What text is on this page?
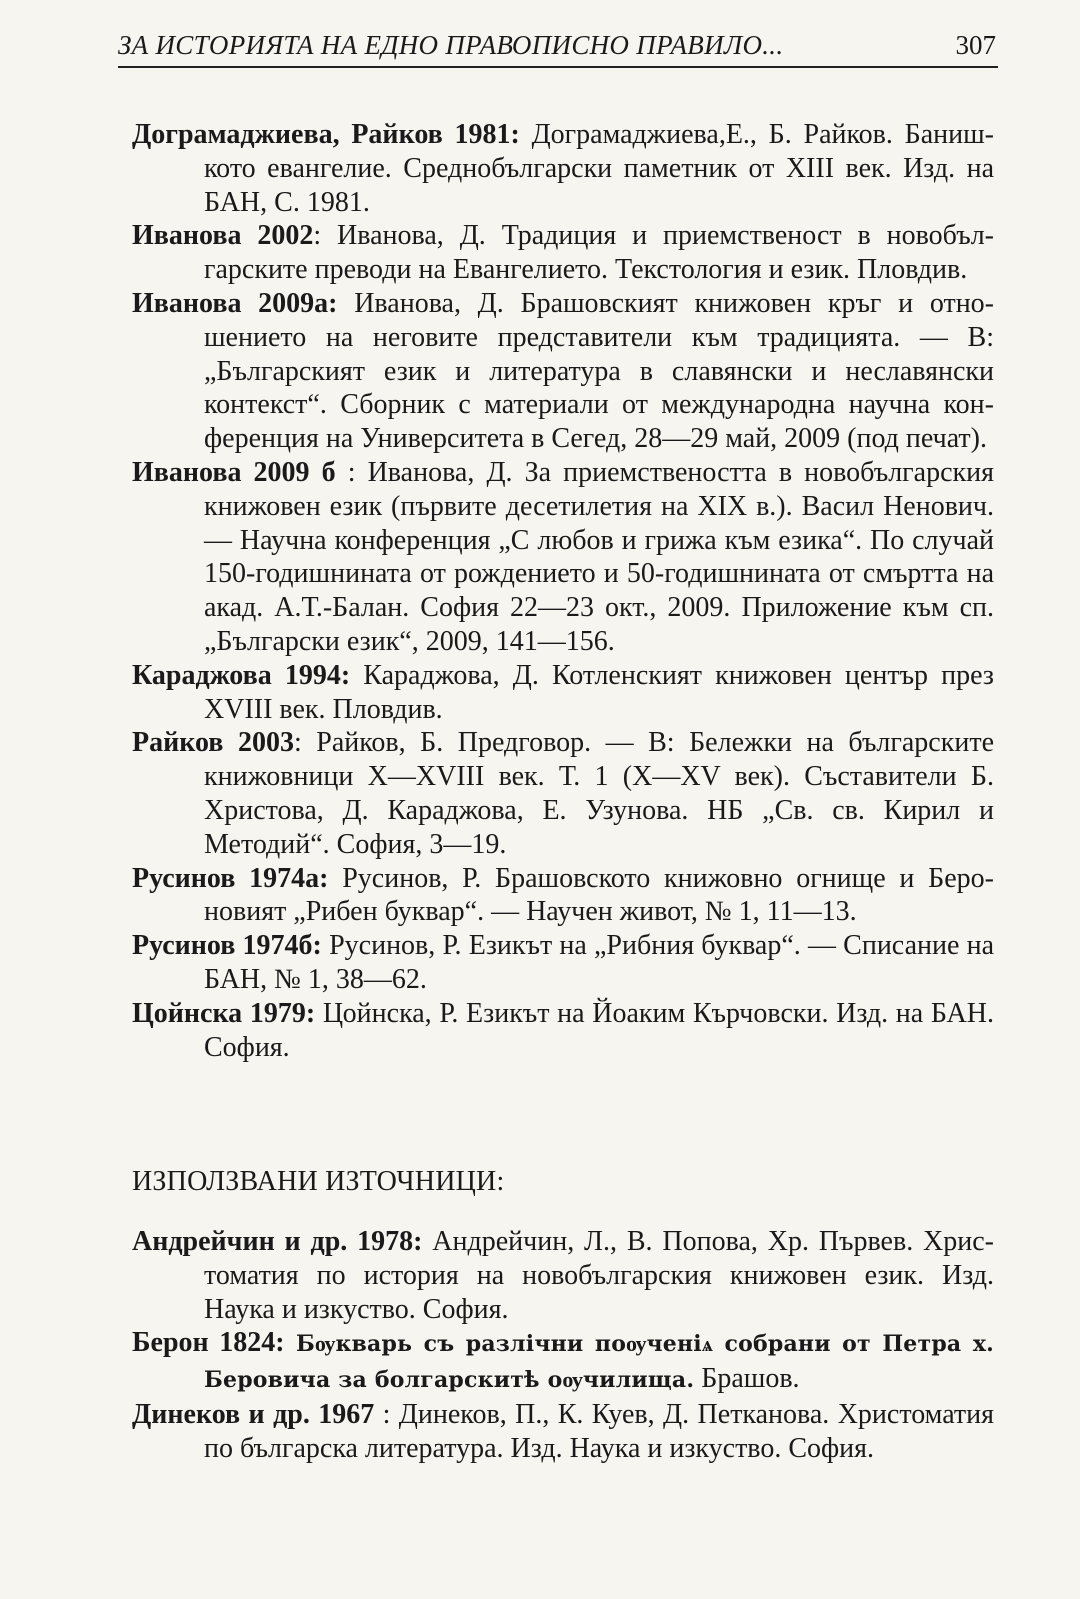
ЗА ИСТОРИЯТА НА ЕДНО ПРАВОПИСНО ПРАВИЛО...	307

Дограмаджиева, Райков 1981: Дограмаджиева,Е., Б. Райков. Банишкото евангелие. Среднобългарски паметник от XIII век. Изд. на БАН, С. 1981.

Иванова 2002: Иванова, Д. Традиция и приемственост в новобългарските преводи на Евангелието. Текстология и език. Пловдив.

Иванова 2009а: Иванова, Д. Брашовският книжовен кръг и отношението на неговите представители към традицията. — В: „Българският език и литература в славянски и неславянски контекст“. Сборник с материали от международна научна конференция на Университета в Сегед, 28—29 май, 2009 (под печат).

Иванова 2009 б : Иванова, Д. За приемствеността в новобългарския книжовен език (първите десетилетия на XIX в.). Васил Ненович. — Научна конференция „С любов и грижа към езика“. По случай 150-годишнината от рождението и 50-годишнината от смъртта на акад. А.Т.-Балан. София 22—23 окт., 2009. Приложение към сп. „Български език“, 2009, 141—156.

Караджова 1994: Караджова, Д. Котленският книжовен център през XVIII век. Пловдив.

Райков 2003: Райков, Б. Предговор. — В: Бележки на българските книжовници X—XVIII век. Т. 1 (X—XV век). Съставители Б. Христова, Д. Караджова, Е. Узунова. НБ „Св. св. Кирил и Методий“. София, 3—19.

Русинов 1974а: Русинов, Р. Брашовското книжовно огнище и Бероновият „Рибен буквар“. — Научен живот, № 1, 11—13.

Русинов 1974б: Русинов, Р. Езикът на „Рибния буквар“. — Списание на БАН, № 1, 38—62.

Цойнска 1979: Цойнска, Р. Езикът на Йоаким Кърчовски. Изд. на БАН. София.

ИЗПОЛЗВАНИ ИЗТОЧНИЦИ:

Андрейчин и др. 1978: Андрейчин, Л., В. Попова, Хр. Първев. Христоматия по история на новобългарския книжовен език. Изд. Наука и изкуство. София.

Берон 1824: Бѹкварь съ разлічни поѹченіѧ собрани от Петра х. Беровича за болгарскитѣ оѹчилища. Брашов.

Динеков и др. 1967 : Динеков, П., К. Куев, Д. Петканова. Христоматия по българска литература. Изд. Наука и изкуство. София.
